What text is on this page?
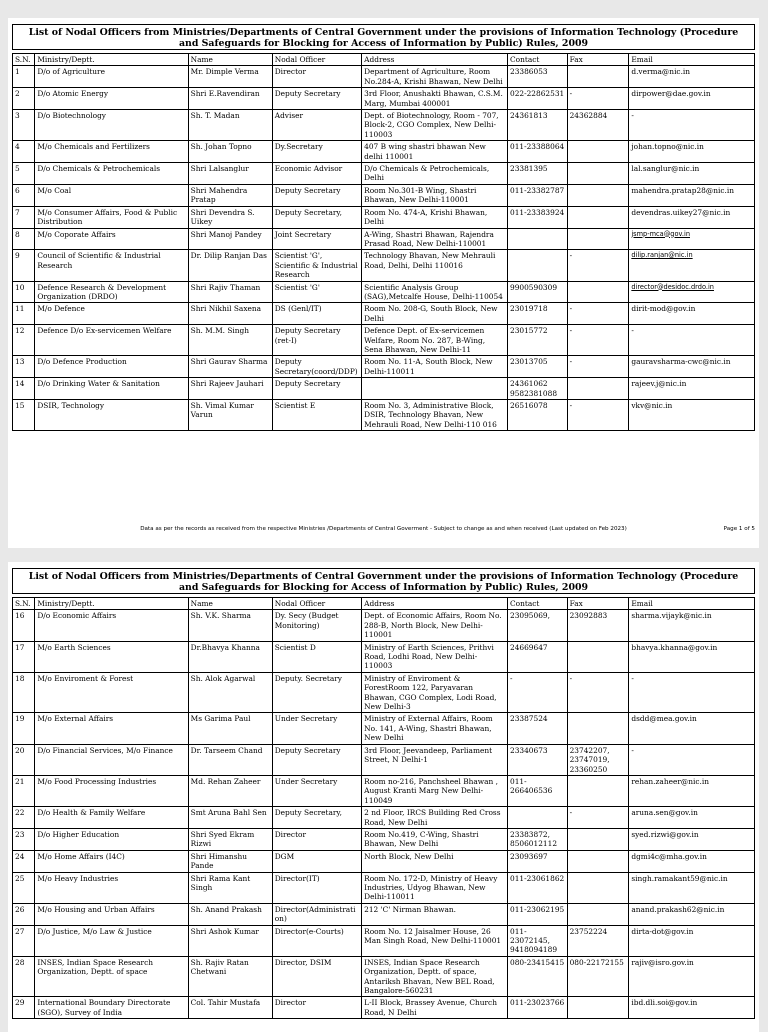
List of Nodal Officers from Ministries/Departments of Central Government under the provisions of Information Technology (Procedure and Safeguards for Blocking for Access of Information by Public) Rules, 2009
S.N.	Ministry/Deptt.	Name	Nodal Officer	Address	Contact	Fax	Email
1	D/o of Agriculture	Mr. Dimple Verma	Director	Department of Agriculture, Room No.284-A, Krishi Bhawan, New Delhi	23386053		d.verma@nic.in
2	D/o Atomic Energy	Shri E.Ravendiran	Deputy Secretary	3rd Floor, Anushakti Bhawan, C.S.M. Marg, Mumbai 400001	022-22862531	-	dirpower@dae.gov.in
3	D/o Biotechnology	Sh. T. Madan	Adviser	Dept. of Biotechnology, Room - 707, Block-2, CGO Complex, New Delhi- 110003	24361813	24362884	-
4	M/o Chemicals and Fertilizers	Sh. Johan Topno	Dy.Secretary	407 B wing shastri bhawan New delhi 110001	011-23388064		johan.topno@nic.in
5	D/o Chemicals & Petrochemicals	Shri Lalsanglur	Economic Advisor	D/o Chemicals & Petrochemicals, Delhi	23381395		lal.sanglur@nic.in
6	M/o Coal	Shri Mahendra Pratap	Deputy Secretary	Room No.301-B Wing, Shastri Bhawan, New Delhi-110001	011-23382787		mahendra.pratap28@nic.in
7	M/o Consumer Affairs, Food & Public Distribution	Shri Devendra S. Uikey	Deputy Secretary,	Room No. 474-A, Krishi Bhawan, Delhi	011-23383924		devendras.uikey27@nic.in
8	M/o Coporate Affairs	Shri Manoj Pandey	Joint Secretary	A-Wing, Shastri Bhawan, Rajendra Prasad Road, New Delhi-110001			jsmp-mca@gov.in
9	Council of Scientific & Industrial Research	Dr. Dilip Ranjan Das	Scientist 'G', Scientific & Industrial Research	Technology Bhavan, New Mehrauli Road, Delhi, Delhi 110016		-	dilip.ranjan@nic.in
10	Defence Research & Development Organization (DRDO)	Shri Rajiv Thaman	Scientist 'G'	Scientific Analysis Group (SAG),Metcalfe House, Delhi-110054	9900590309		director@desidoc.drdo.in
11	M/o Defence	Shri Nikhil Saxena	DS (Genl/IT)	Room No. 208-G, South Block, New Delhi	23019718	-	dirit-mod@gov.in
12	Defence D/o Ex-servicemen Welfare	Sh. M.M. Singh	Deputy Secretary (ret-I)	Defence Dept. of Ex-servicemen Welfare, Room No. 287, B-Wing, Sena Bhawan, New Delhi-11	23015772	-	-
13	D/o Defence Production	Shri Gaurav Sharma	Deputy Secretary(coord/DDP)	Room No. 11-A, South Block, New Delhi-110011	23013705	-	gauravsharma-cwc@nic.in
14	D/o Drinking Water & Sanitation	Shri Rajeev Jauhari	Deputy Secretary		24361062 9582381088		rajeev.j@nic.in
15	DSIR, Technology	Sh. Vimal Kumar Varun	Scientist E	Room No. 3, Administrative Block, DSIR, Technology Bhavan, New Mehrauli Road, New Delhi-110 016	26516078	-	vkv@nic.in
Data as per the records as received from the respective Ministries /Departments of Central Goverment - Subject to change as and when received (Last updated on Feb 2023)	Page 1 of 5
List of Nodal Officers from Ministries/Departments of Central Government under the provisions of Information Technology (Procedure and Safeguards for Blocking for Access of Information by Public) Rules, 2009
S.N.	Ministry/Deptt.	Name	Nodal Officer	Address	Contact	Fax	Email
16	D/o Economic Affairs	Sh. V.K. Sharma	Dy. Secy (Budget Monitoring)	Dept. of Economic Affairs, Room No. 288-B, North Block, New Delhi-110001	23095069,	23092883	sharma.vijayk@nic.in
17	M/o Earth Sciences	Dr.Bhavya Khanna	Scientist D	Ministry of Earth Sciences, Prithvi Road, Lodhi Road, New Delhi-110003	24669647		bhavya.khanna@gov.in
18	M/o Enviroment & Forest	Sh. Alok Agarwal	Deputy. Secretary	Ministry of Enviroment & ForestRoom 122, Paryavaran Bhawan, CGO Complex, Lodi Road, New Delhi-3	-	-	-
19	M/o External Affairs	Ms Garima Paul	Under Secretary	Ministry of External Affairs, Room No. 141, A-Wing, Shastri Bhawan, New Delhi	23387524		dsdd@mea.gov.in
20	D/o Financial Services, M/o Finance	Dr. Tarseem Chand	Deputy Secretary	3rd Floor, Jeevandeep, Parliament Street, N Delhi-1	23340673	23742207, 23747019, 23360250	-
21	M/o Food Processing Industries	Md. Rehan Zaheer	Under Secretary	Room no-216, Panchsheel Bhawan , August Kranti Marg New Delhi-110049	011-266406536		rehan.zaheer@nic.in
22	D/o Health & Family Welfare	Smt Aruna Bahl Sen	Deputy Secretary,	2 nd Floor, IRCS Building Red Cross Road, New Delhi		-	aruna.sen@gov.in
23	D/o Higher Education	Shri Syed Ekram Rizwi	Director	Room No.419, C-Wing, Shastri Bhawan, New Delhi	23383872, 8506012112		syed.rizwi@gov.in
24	M/o Home Affairs (I4C)	Shri Himanshu Pande	DGM	North Block, New Delhi	23093697		dgmi4c@mha.gov.in
25	M/o Heavy Industries	Shri Rama Kant Singh	Director(IT)	Room No. 172-D, Ministry of Heavy Industries, Udyog Bhawan, New Delhi-110011	011-23061862		singh.ramakant59@nic.in
26	M/o Housing and Urban Affairs	Sh. Anand Prakash	Director(Administration)	212 'C' Nirman Bhawan.	011-23062195		anand.prakash62@nic.in
27	D/o Justice, M/o Law & Justice	Shri Ashok Kumar	Director(e-Courts)	Room No. 12 Jaisalmer House, 26 Man Singh Road, New Delhi-110001	011-23072145, 9418094189	23752224	dirta-dot@gov.in
28	INSES, Indian Space Research Organization, Deptt. of space	Sh. Rajiv Ratan Chetwani	Director, DSIM	INSES, Indian Space Research Organization, Deptt. of space, Antariksh Bhavan, New BEL Road, Bangalore-560231	080-23415415	080-22172155	rajiv@isro.gov.in
29	International Boundary Directorate (SGO), Survey of India	Col. Tahir Mustafa	Director	L-II Block, Brassey Avenue, Church Road, N Delhi	011-23023766		ibd.dli.soi@gov.in
